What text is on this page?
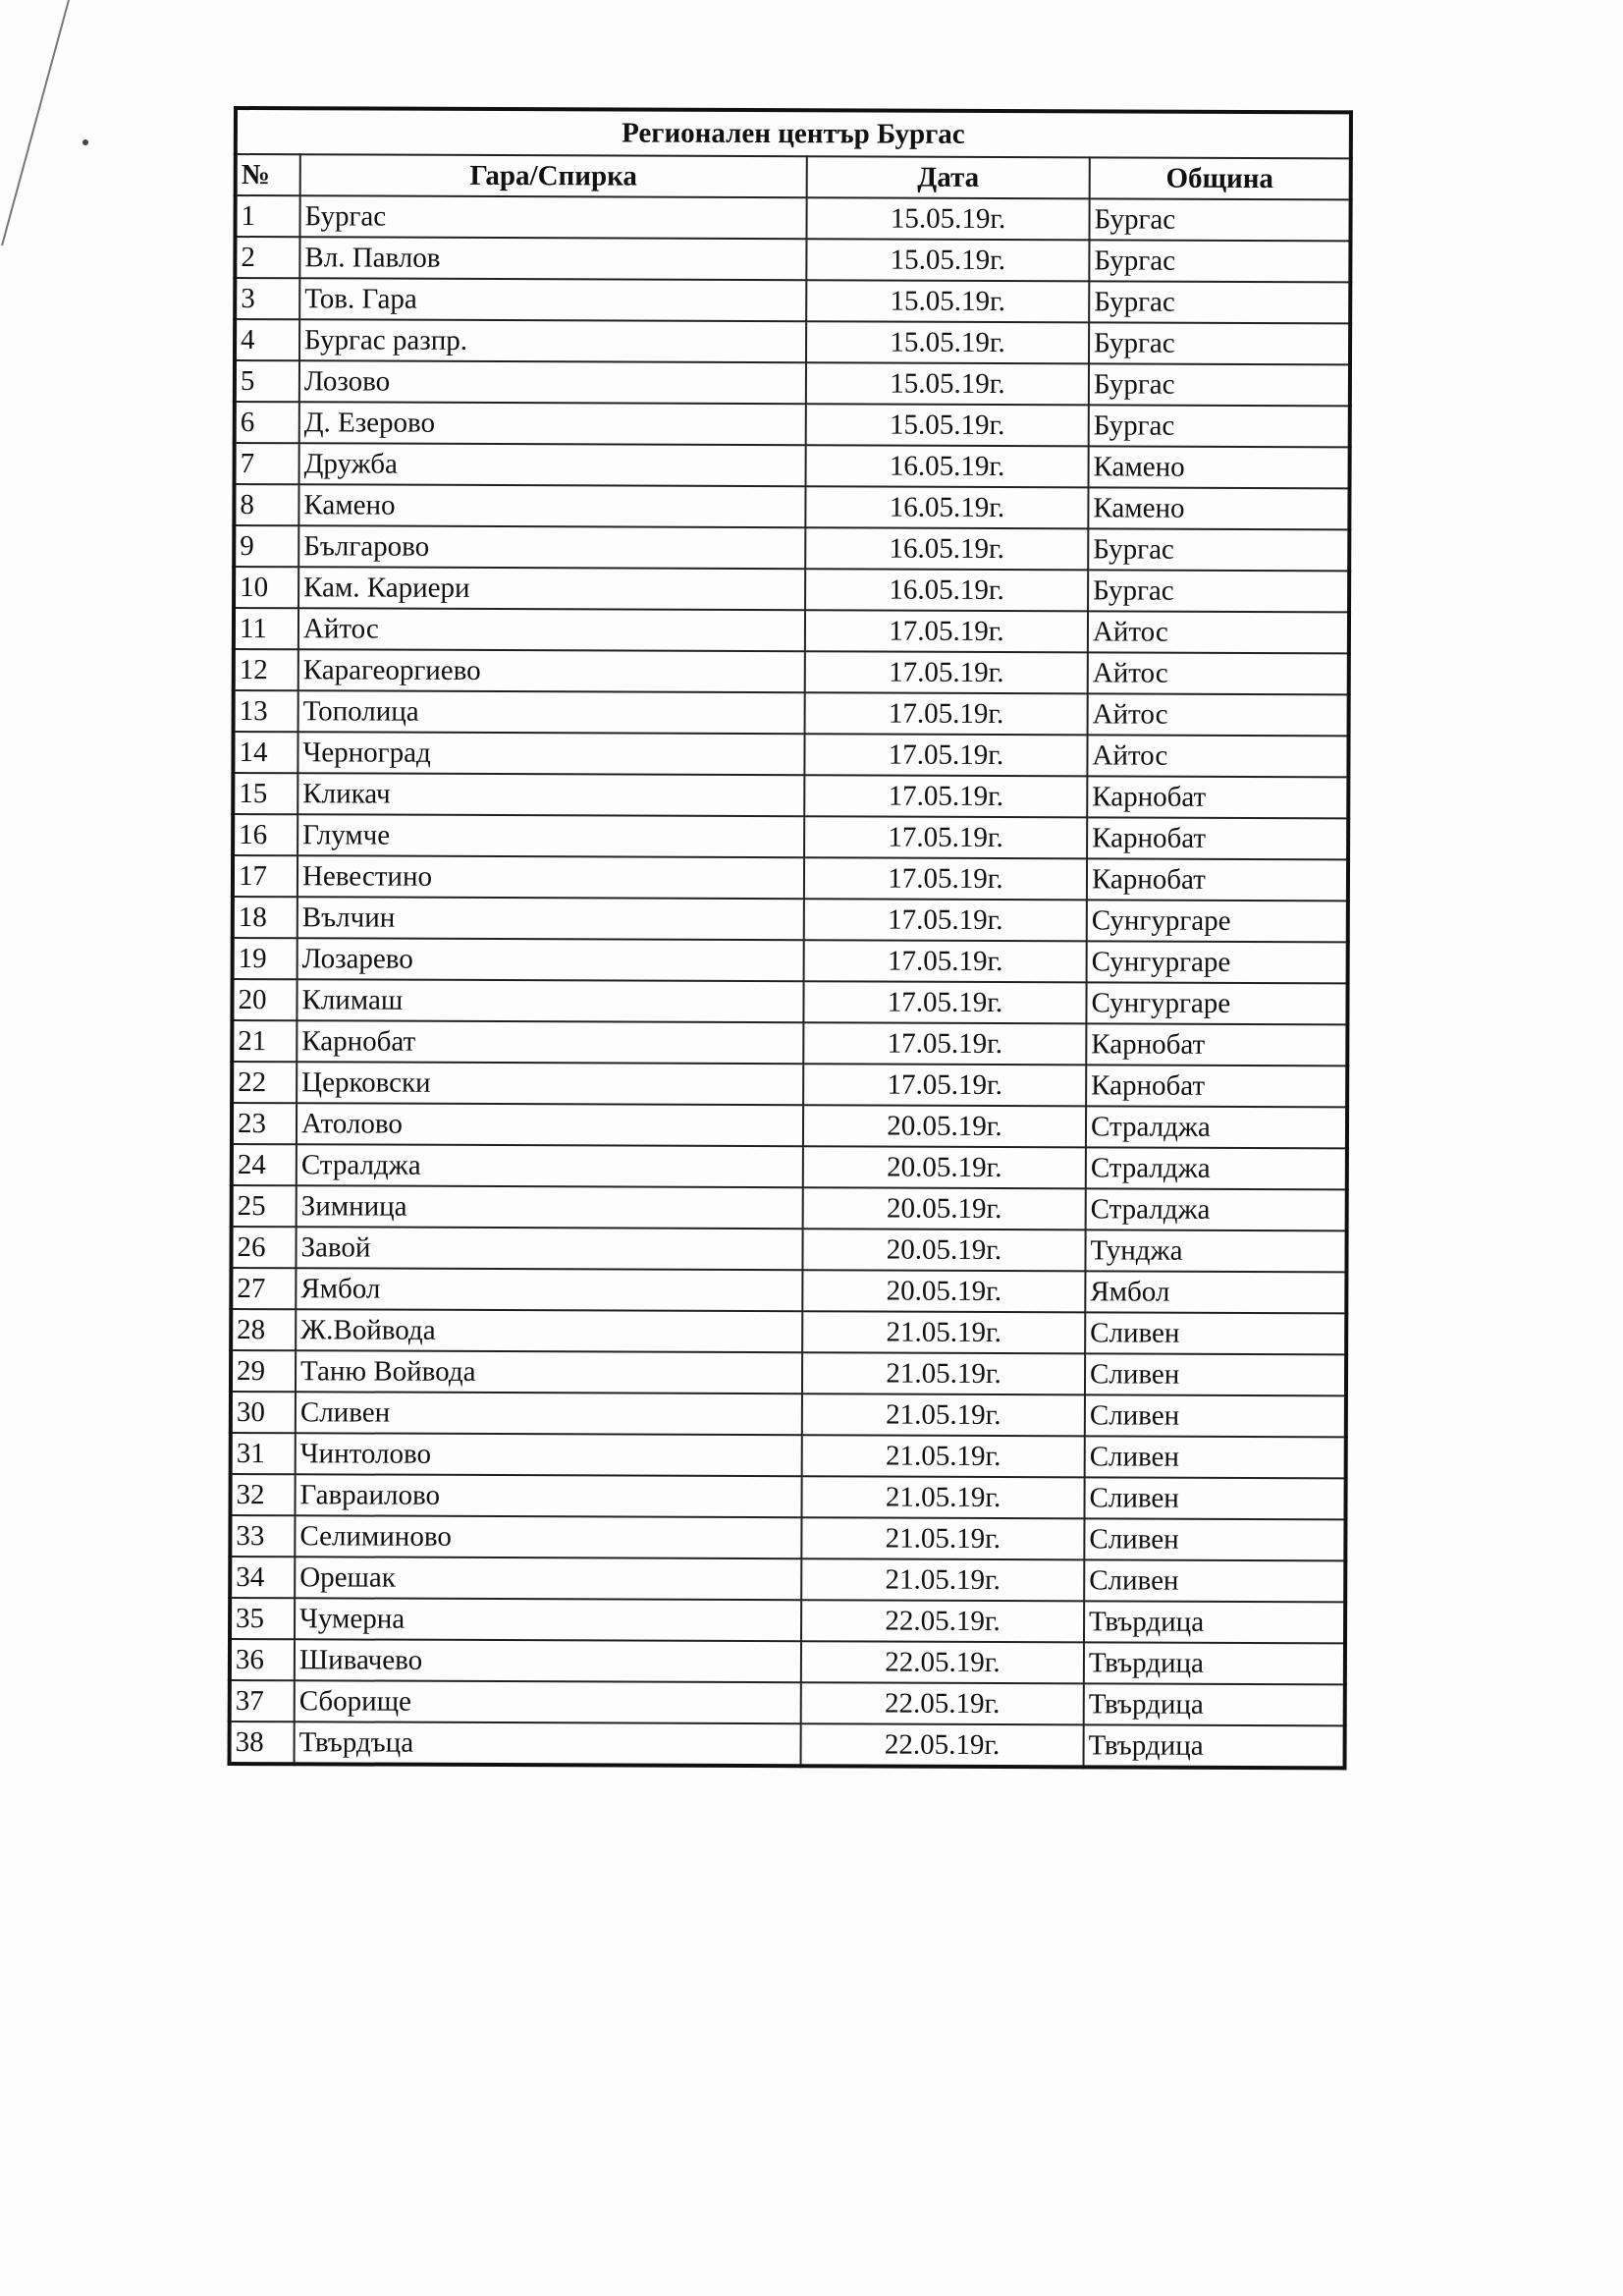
Регионален център Бургас			
№	Гара/Спирка	Дата	Община
1	Бургас	15.05.19г.	Бургас
2	Вл. Павлов	15.05.19г.	Бургас
3	Тов. Гара	15.05.19г.	Бургас
4	Бургас разпр.	15.05.19г.	Бургас
5	Лозово	15.05.19г.	Бургас
6	Д. Езерово	15.05.19г.	Бургас
7	Дружба	16.05.19г.	Камено
8	Камено	16.05.19г.	Камено
9	Българово	16.05.19г.	Бургас
10	Кам. Кариери	16.05.19г.	Бургас
11	Айтос	17.05.19г.	Айтос
12	Карагеоргиево	17.05.19г.	Айтос
13	Тополица	17.05.19г.	Айтос
14	Черноград	17.05.19г.	Айтос
15	Кликач	17.05.19г.	Карнобат
16	Глумче	17.05.19г.	Карнобат
17	Невестино	17.05.19г.	Карнобат
18	Вълчин	17.05.19г.	Сунгургаре
19	Лозарево	17.05.19г.	Сунгургаре
20	Климаш	17.05.19г.	Сунгургаре
21	Карнобат	17.05.19г.	Карнобат
22	Церковски	17.05.19г.	Карнобат
23	Атолово	20.05.19г.	Стралджа
24	Стралджа	20.05.19г.	Стралджа
25	Зимница	20.05.19г.	Стралджа
26	Завой	20.05.19г.	Тунджа
27	Ямбол	20.05.19г.	Ямбол
28	Ж.Войвода	21.05.19г.	Сливен
29	Таню Войвода	21.05.19г.	Сливен
30	Сливен	21.05.19г.	Сливен
31	Чинтолово	21.05.19г.	Сливен
32	Гавраилово	21.05.19г.	Сливен
33	Селиминово	21.05.19г.	Сливен
34	Орешак	21.05.19г.	Сливен
35	Чумерна	22.05.19г.	Твърдица
36	Шивачево	22.05.19г.	Твърдица
37	Сборище	22.05.19г.	Твърдица
38	Твърдъца	22.05.19г.	Твърдица
